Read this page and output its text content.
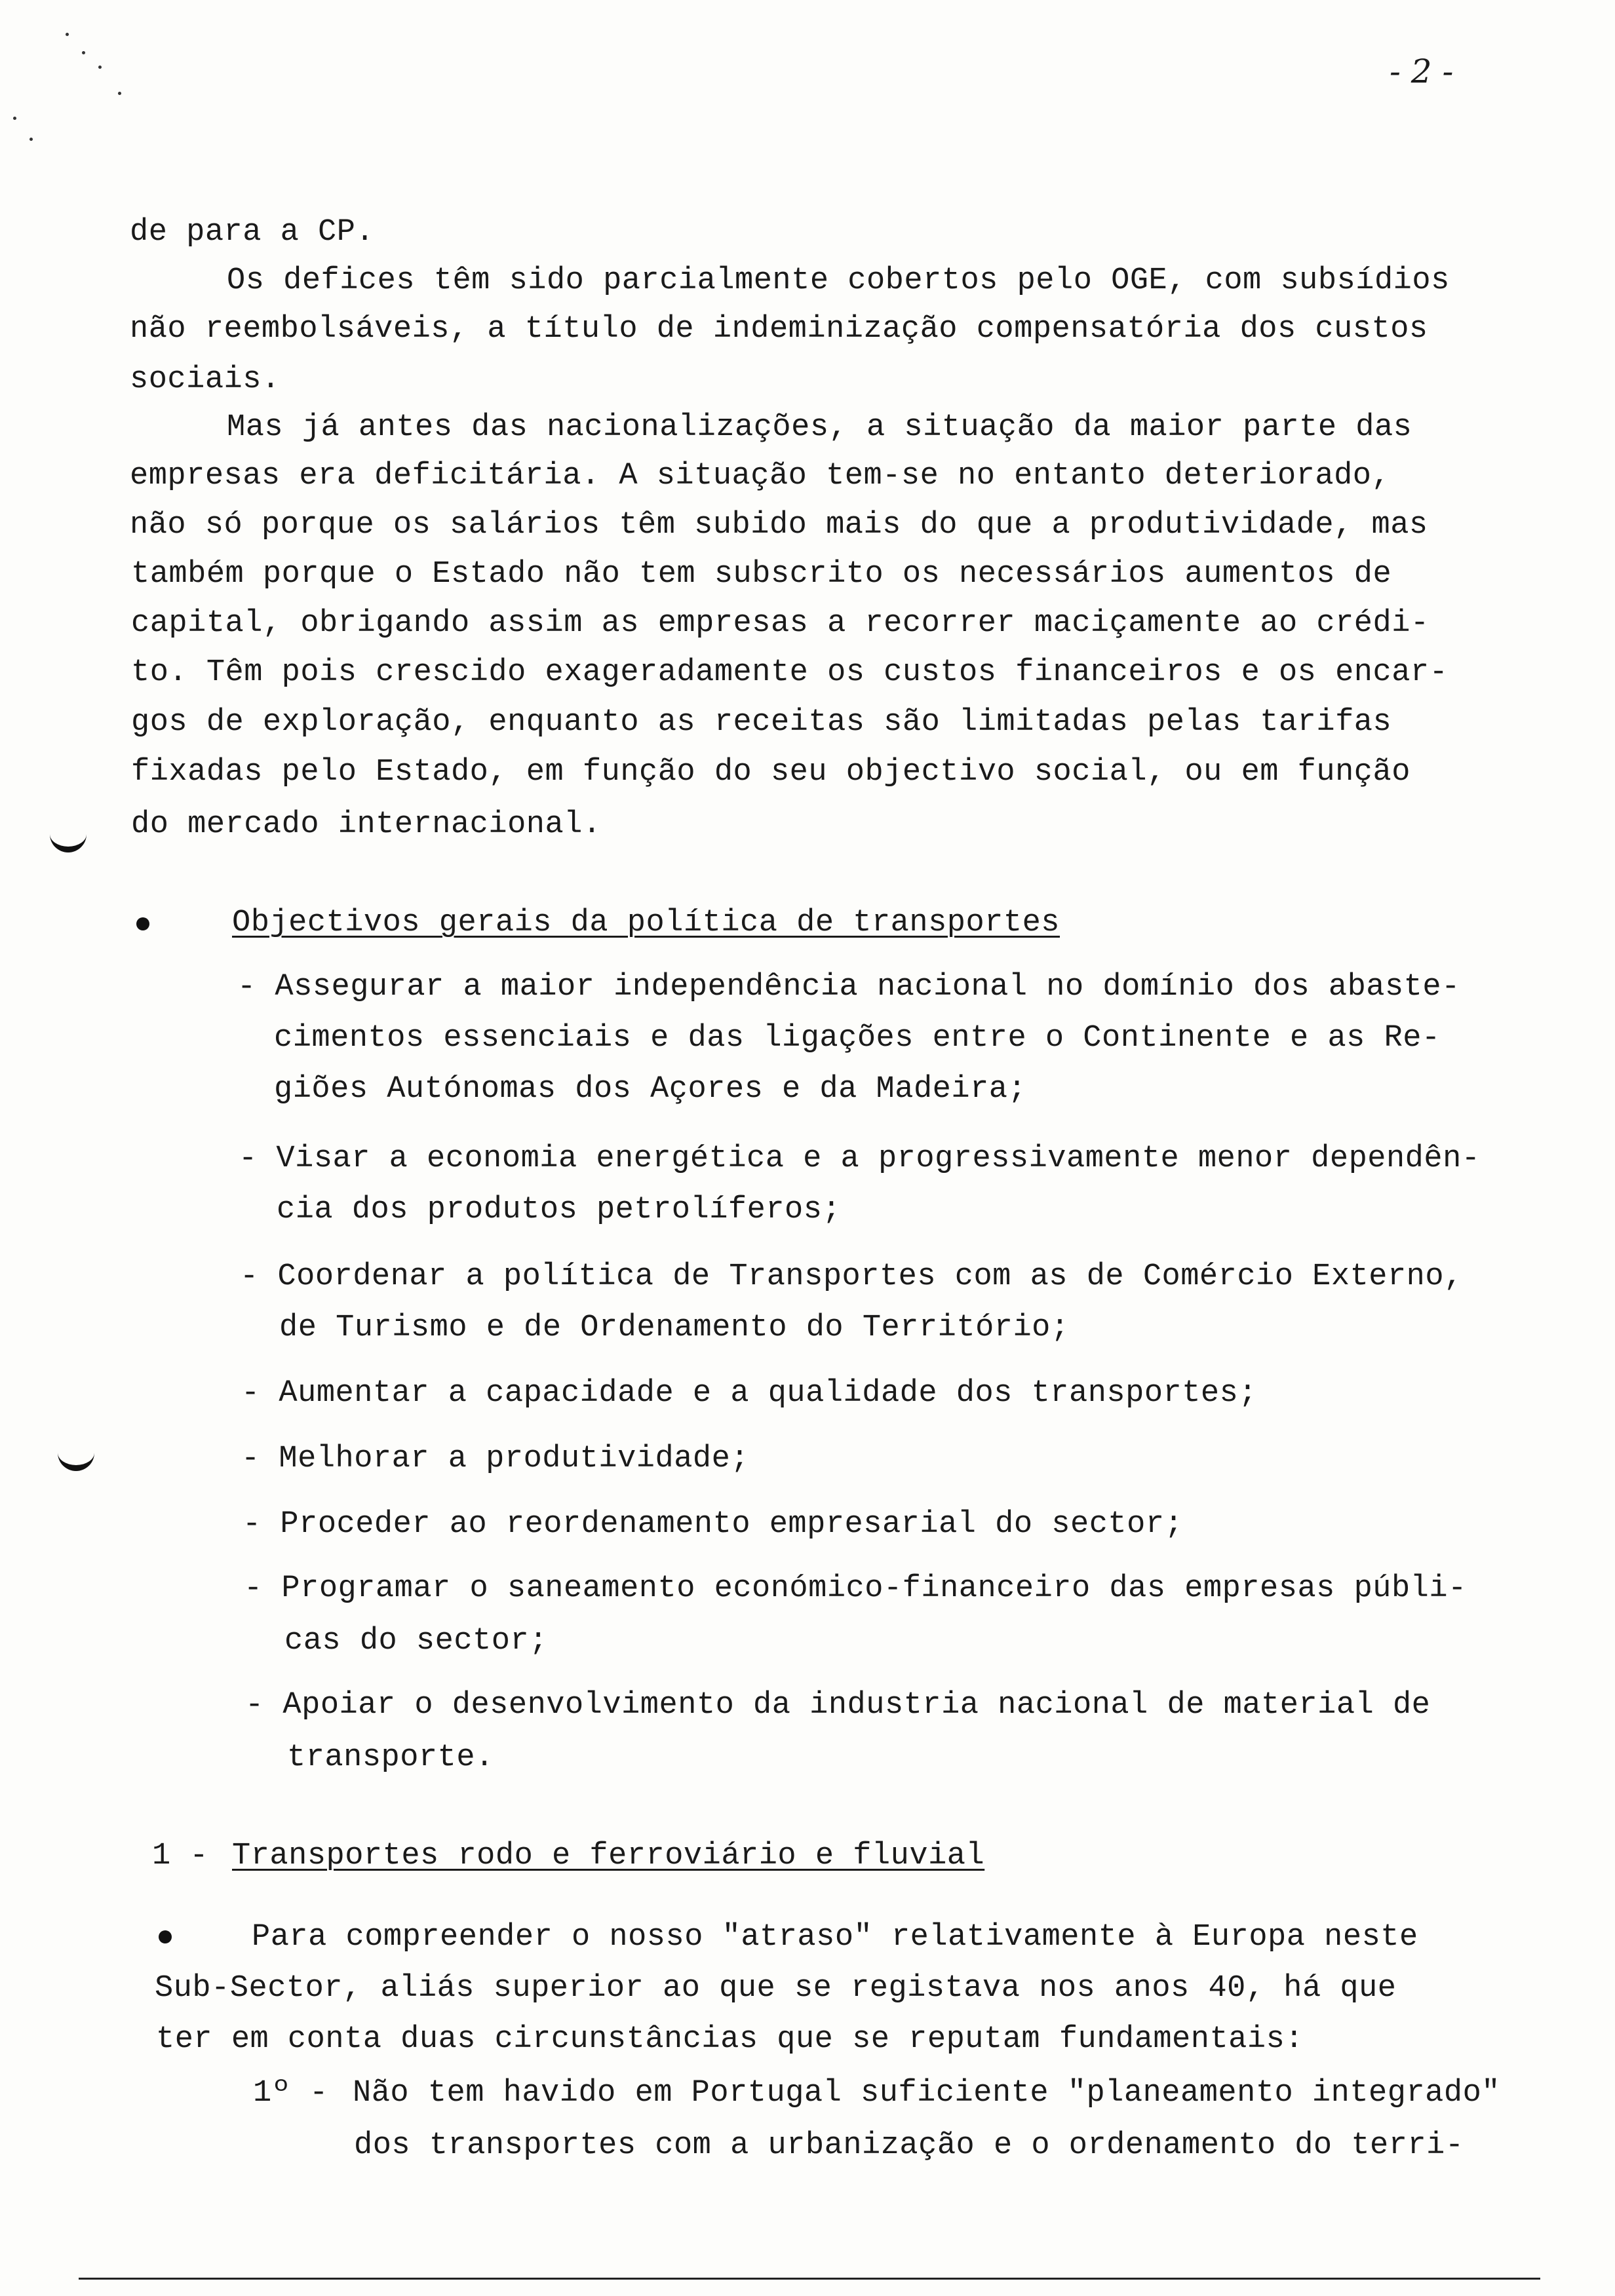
- 2 -
de para a CP.
Os defices têm sido parcialmente cobertos pelo OGE, com subsídios
não reembolsáveis, a título de indeminização compensatória dos custos
sociais.
Mas já antes das nacionalizações, a situação da maior parte das
empresas era deficitária. A situação tem-se no entanto deteriorado,
não só porque os salários têm subido mais do que a produtividade, mas
também porque o Estado não tem subscrito os necessários aumentos de
capital, obrigando assim as empresas a recorrer maciçamente ao crédi-
to. Têm pois crescido exageradamente os custos financeiros e os encar-
gos de exploração, enquanto as receitas são limitadas pelas tarifas
fixadas pelo Estado, em função do seu objectivo social, ou em função
do mercado internacional.
Objectivos gerais da política de transportes
- Assegurar a maior independência nacional no domínio dos abaste-
cimentos essenciais e das ligações entre o Continente e as Re-
giões Autónomas dos Açores e da Madeira;
- Visar a economia energética e a progressivamente menor dependên-
cia dos produtos petrolíferos;
- Coordenar a política de Transportes com as de Comércio Externo,
de Turismo e de Ordenamento do Território;
- Aumentar a capacidade e a qualidade dos transportes;
- Melhorar a produtividade;
- Proceder ao reordenamento empresarial do sector;
- Programar o saneamento económico-financeiro das empresas públi-
cas do sector;
- Apoiar o desenvolvimento da industria nacional de material de
transporte.
1 - Transportes rodo e ferroviário e fluvial
Para compreender o nosso "atraso" relativamente à Europa neste
Sub-Sector, aliás superior ao que se registava nos anos 40, há que
ter em conta duas circunstâncias que se reputam fundamentais:
1º - Não tem havido em Portugal suficiente "planeamento integrado"
dos transportes com a urbanização e o ordenamento do terri-
